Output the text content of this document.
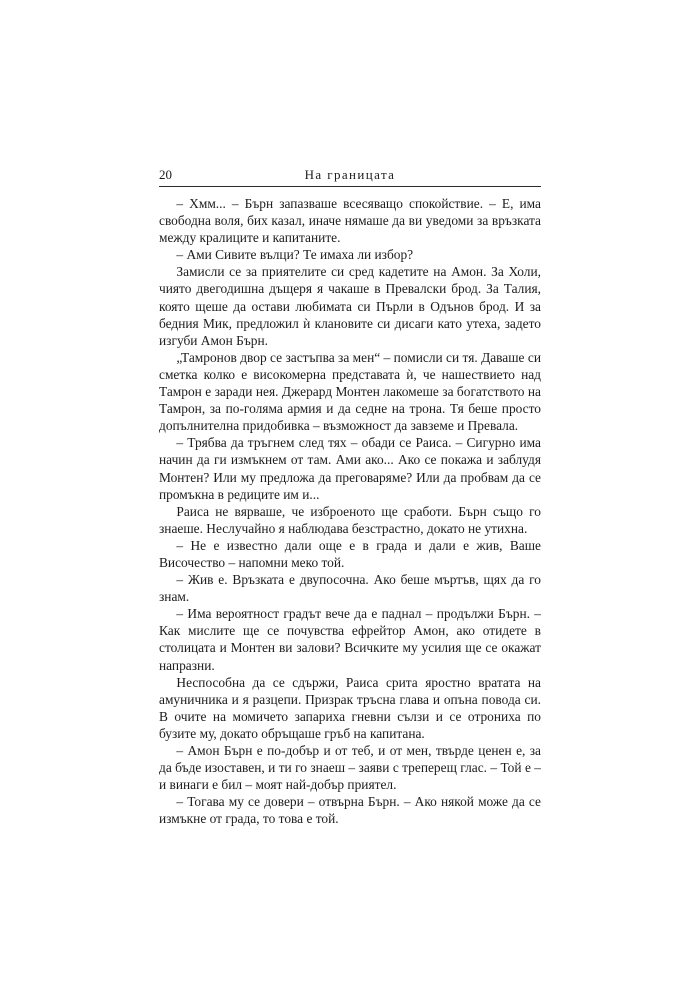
20	На границата

– Хмм... – Бърн запазваше всесяващо спокойствие. – Е, има свободна воля, бих казал, иначе нямаше да ви уведоми за връзката между кралиците и капитаните.

– Ами Сивите вълци? Те имаха ли избор?

Замисли се за приятелите си сред кадетите на Амон. За Холи, чиято двегодишна дъщеря я чакаше в Превалски брод. За Талия, която щеше да остави любимата си Пърли в Одънов брод. И за бедния Мик, предложил ѝ клановите си дисаги като утеха, задето изгуби Амон Бърн.

„Тамронов двор се застъпва за мен“ – помисли си тя. Даваше си сметка колко е високомерна представата ѝ, че нашествието над Тамрон е заради нея. Джерард Монтен лакомеше за богатството на Тамрон, за по-голяма армия и да седне на трона. Тя беше просто допълнителна придобивка – възможност да завземе и Превала.

– Трябва да тръгнем след тях – обади се Раиса. – Сигурно има начин да ги измъкнем от там. Ами ако... Ако се покажа и заблудя Монтен? Или му предложа да преговаряме? Или да пробвам да се промъкна в редиците им и...

Раиса не вярваше, че изброеното ще сработи. Бърн също го знаеше. Неслучайно я наблюдава безстрастно, докато не утихна.

– Не е известно дали още е в града и дали е жив, Ваше Височество – напомни меко той.

– Жив е. Връзката е двупосочна. Ако беше мъртъв, щях да го знам.

– Има вероятност градът вече да е паднал – продължи Бърн. – Как мислите ще се почувства ефрейтор Амон, ако отидете в столицата и Монтен ви залови? Всичките му усилия ще се окажат напразни.

Неспособна да се сдържи, Раиса срита яростно вратата на амуничника и я разцепи. Призрак тръсна глава и опъна повода си. В очите на момичето запариха гневни сълзи и се отрониха по бузите му, докато обръщаше гръб на капитана.

– Амон Бърн е по-добър и от теб, и от мен, твърде ценен е, за да бъде изоставен, и ти го знаеш – заяви с треперещ глас. – Той е – и винаги е бил – моят най-добър приятел.

– Тогава му се довери – отвърна Бърн. – Ако някой може да се измъкне от града, то това е той.
